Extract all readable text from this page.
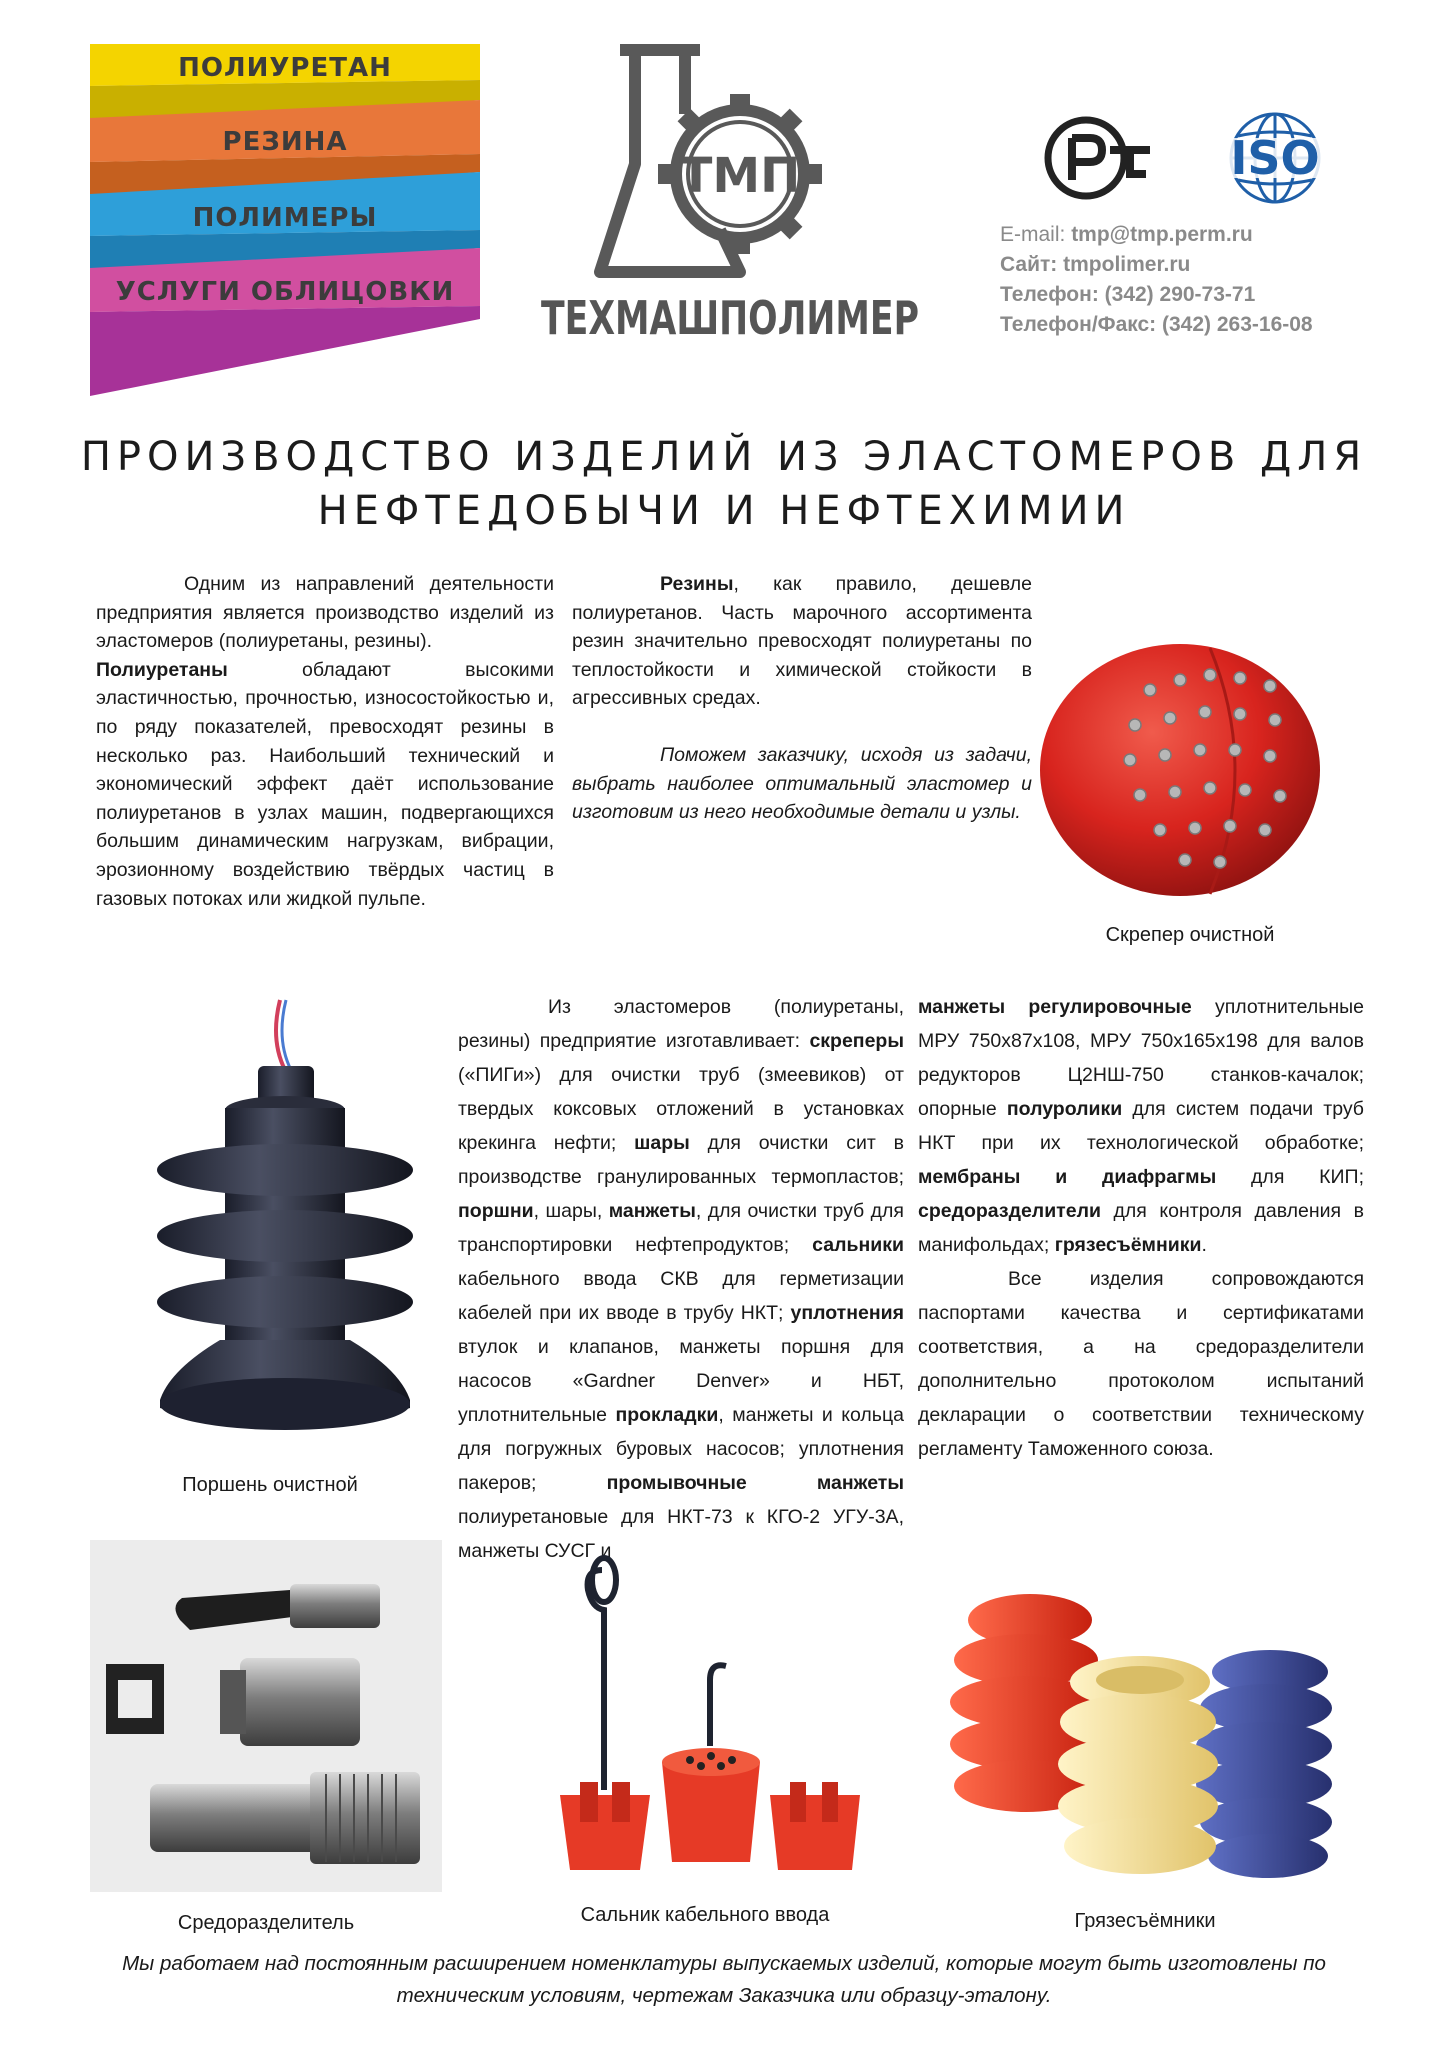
ПОЛИУРЕТАН
РЕЗИНА
ПОЛИМЕРЫ
УСЛУГИ ОБЛИЦОВКИ
ТМП
ТЕХМАШПОЛИМЕР
РСТ
ISO
E-mail: tmp@tmp.perm.ru
Сайт: tmpolimer.ru
Телефон: (342) 290-73-71
Телефон/Факс: (342) 263-16-08
ПРОИЗВОДСТВО ИЗДЕЛИЙ ИЗ ЭЛАСТОМЕРОВ ДЛЯ
НЕФТЕДОБЫЧИ И НЕФТЕХИМИИ

Одним из направлений деятельности предприятия является производство изделий из эластомеров (полиуретаны, резины).

Полиуретаны обладают высокими эластичностью, прочностью, износостойкостью и, по ряду показателей, превосходят резины в несколько раз. Наибольший технический и экономический эффект даёт использование полиуретанов в узлах машин, подвергающихся большим динамическим нагрузкам, вибрации, эрозионному воздействию твёрдых частиц в газовых потоках или жидкой пульпе.

Резины, как правило, дешевле полиуретанов. Часть марочного ассортимента резин значительно превосходят полиуретаны по теплостойкости и химической стойкости в агрессивных средах.

Поможем заказчику, исходя из задачи, выбрать наиболее оптимальный эластомер и изготовим из него необходимые детали и узлы.

Скрепер очистной
Поршень очистной

Из эластомеров (полиуретаны, резины) предприятие изготавливает: скреперы («ПИГи») для очистки труб (змеевиков) от твердых коксовых отложений в установках крекинга нефти; шары для очистки сит в производстве гранулированных термопластов; поршни, шары, манжеты, для очистки труб для транспортировки нефтепродуктов; сальники кабельного ввода СКВ для герметизации кабелей при их вводе в трубу НКТ; уплотнения втулок и клапанов, манжеты поршня для насосов «Gardner Denver» и НБТ, уплотнительные прокладки, манжеты и кольца для погружных буровых насосов; уплотнения пакеров; промывочные манжеты полиуретановые для НКТ-73 к КГО-2 УГУ-3А, манжеты СУСГ и

манжеты регулировочные уплотнительные МРУ 750х87х108, МРУ 750х165х198 для валов редукторов Ц2НШ-750 станков-качалок; опорные полуролики для систем подачи труб НКТ при их технологической обработке; мембраны и диафрагмы для КИП; средоразделители для контроля давления в манифольдах; грязесъёмники.

Все изделия сопровождаются паспортами качества и сертификатами соответствия, а на средоразделители дополнительно протоколом испытаний декларации о соответствии техническому регламенту Таможенного союза.

Средоразделитель	Сальник кабельного ввода	Грязесъёмники
Мы работаем над постоянным расширением номенклатуры выпускаемых изделий, которые могут быть изготовлены по
техническим условиям, чертежам Заказчика или образцу-эталону.
